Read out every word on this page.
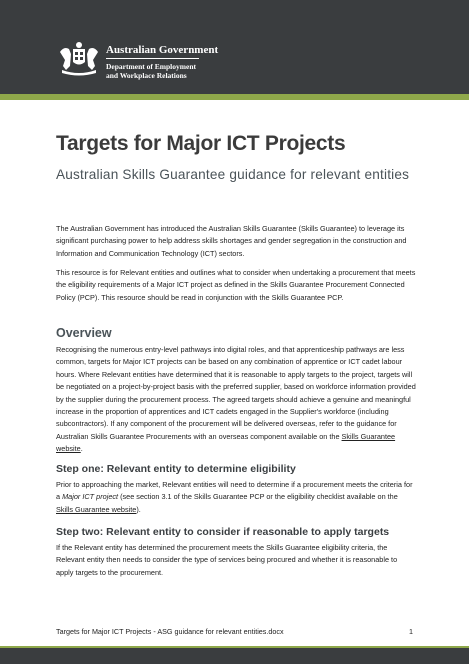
Australian Government
Department of Employment
and Workplace Relations
Targets for Major ICT Projects
Australian Skills Guarantee guidance for relevant entities
The Australian Government has introduced the Australian Skills Guarantee (Skills Guarantee) to leverage its significant purchasing power to help address skills shortages and gender segregation in the construction and Information and Communication Technology (ICT) sectors.
This resource is for Relevant entities and outlines what to consider when undertaking a procurement that meets the eligibility requirements of a Major ICT project as defined in the Skills Guarantee Procurement Connected Policy (PCP). This resource should be read in conjunction with the Skills Guarantee PCP.
Overview
Recognising the numerous entry-level pathways into digital roles, and that apprenticeship pathways are less common, targets for Major ICT projects can be based on any combination of apprentice or ICT cadet labour hours. Where Relevant entities have determined that it is reasonable to apply targets to the project, targets will be negotiated on a project-by-project basis with the preferred supplier, based on workforce information provided by the supplier during the procurement process. The agreed targets should achieve a genuine and meaningful increase in the proportion of apprentices and ICT cadets engaged in the Supplier's workforce (including subcontractors). If any component of the procurement will be delivered overseas, refer to the guidance for Australian Skills Guarantee Procurements with an overseas component available on the Skills Guarantee website.
Step one: Relevant entity to determine eligibility
Prior to approaching the market, Relevant entities will need to determine if a procurement meets the criteria for a Major ICT project (see section 3.1 of the Skills Guarantee PCP or the eligibility checklist available on the Skills Guarantee website).
Step two: Relevant entity to consider if reasonable to apply targets
If the Relevant entity has determined the procurement meets the Skills Guarantee eligibility criteria, the Relevant entity then needs to consider the type of services being procured and whether it is reasonable to apply targets to the procurement.
Targets for Major ICT Projects - ASG guidance for relevant entities.docx	1
